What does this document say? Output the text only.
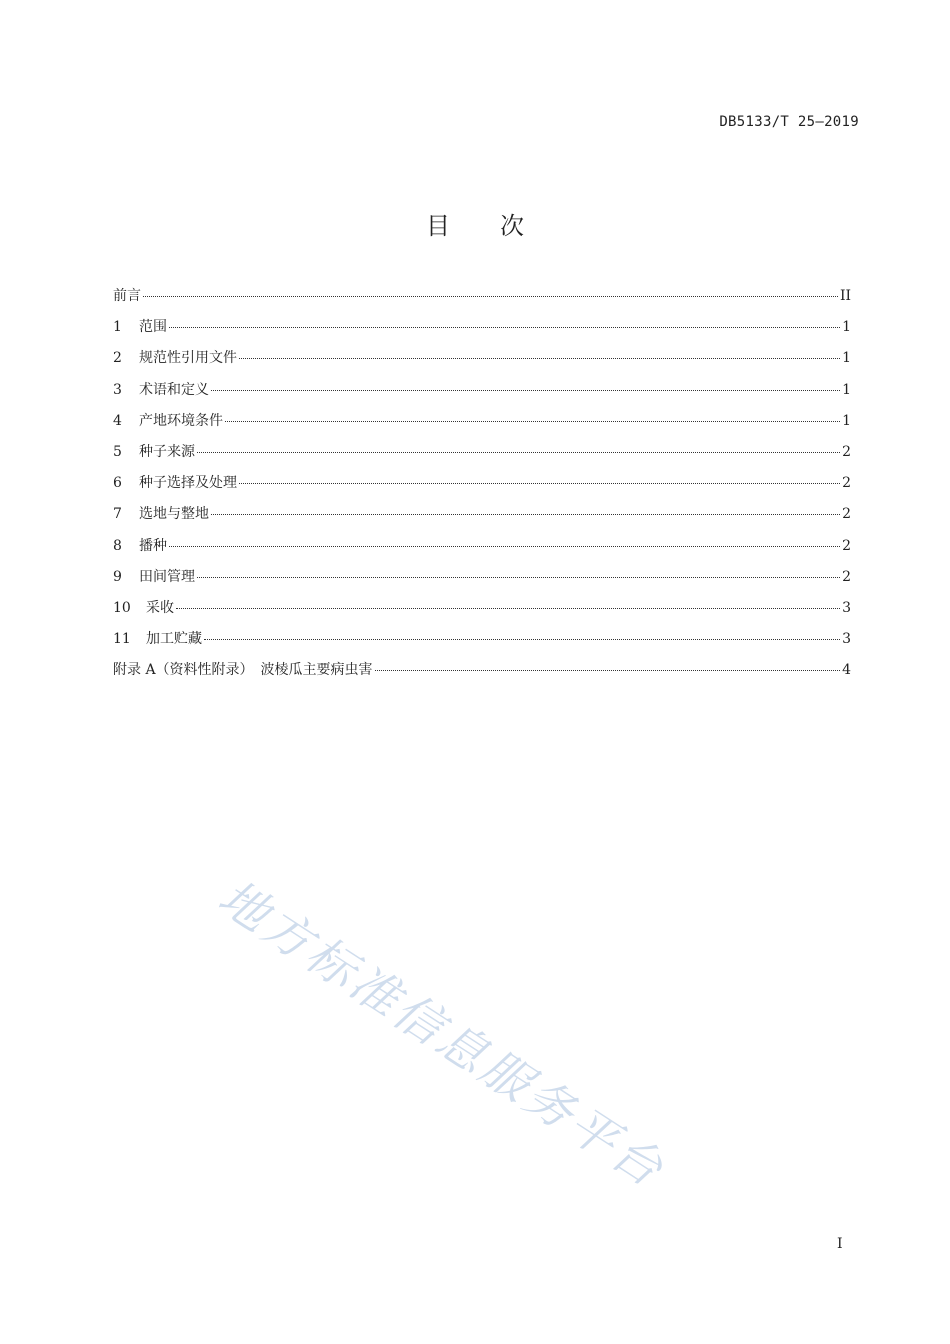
DB5133/T 25—2019
目 次
前言	II
1	范围	1
2	规范性引用文件	1
3	术语和定义	1
4	产地环境条件	1
5	种子来源	2
6	种子选择及处理	2
7	选地与整地	2
8	播种	2
9	田间管理	2
10	采收	3
11	加工贮藏	3
附录 A（资料性附录）　波棱瓜主要病虫害	4
地方标准信息服务平台
I
